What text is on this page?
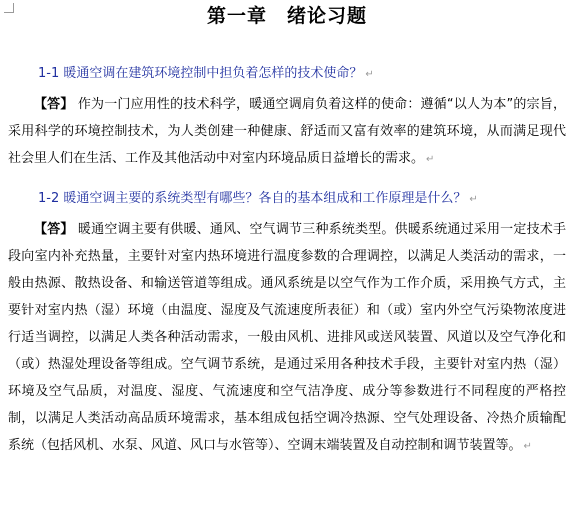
第一章　绪论习题
1-1 暖通空调在建筑环境控制中担负着怎样的技术使命？ ↵
【答】 作为一门应用性的技术科学，暖通空调肩负着这样的使命：遵循“以人为本”的宗旨，采用科学的环境控制技术，为人类创建一种健康、舒适而又富有效率的建筑环境，从而满足现代社会里人们在生活、工作及其他活动中对室内环境品质日益增长的需求。 ↵
1-2 暖通空调主要的系统类型有哪些？各自的基本组成和工作原理是什么？ ↵
【答】 暖通空调主要有供暖、通风、空气调节三种系统类型。供暖系统通过采用一定技术手段向室内补充热量，主要针对室内热环境进行温度参数的合理调控，以满足人类活动的需求，一般由热源、散热设备、和输送管道等组成。通风系统是以空气作为工作介质，采用换气方式，主要针对室内热（湿）环境（由温度、湿度及气流速度所表征）和（或）室内外空气污染物浓度进行适当调控，以满足人类各种活动需求，一般由风机、进排风或送风装置、风道以及空气净化和（或）热湿处理设备等组成。空气调节系统，是通过采用各种技术手段，主要针对室内热（湿）环境及空气品质，对温度、湿度、气流速度和空气洁净度、成分等参数进行不同程度的严格控制，以满足人类活动高品质环境需求，基本组成包括空调冷热源、空气处理设备、冷热介质输配系统（包括风机、水泵、风道、风口与水管等）、空调末端装置及自动控制和调节装置等。 ↵
